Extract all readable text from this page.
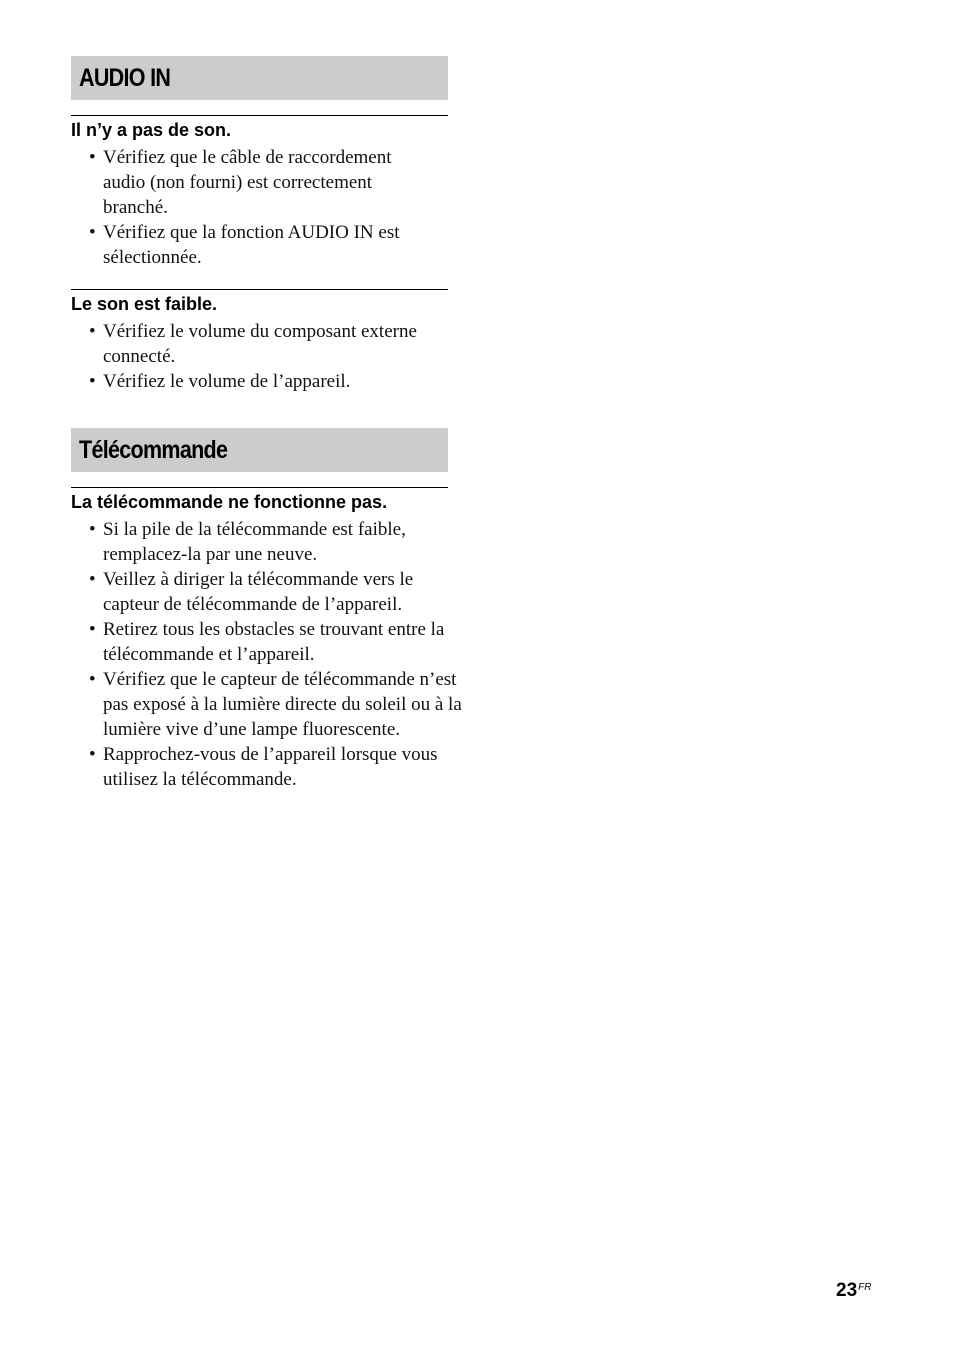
AUDIO IN
Il n’y a pas de son.
• Vérifiez que le câble de raccordement audio (non fourni) est correctement branché.
• Vérifiez que la fonction AUDIO IN est sélectionnée.
Le son est faible.
• Vérifiez le volume du composant externe connecté.
• Vérifiez le volume de l’appareil.
Télécommande
La télécommande ne fonctionne pas.
• Si la pile de la télécommande est faible, remplacez-la par une neuve.
• Veillez à diriger la télécommande vers le capteur de télécommande de l’appareil.
• Retirez tous les obstacles se trouvant entre la télécommande et l’appareil.
• Vérifiez que le capteur de télécommande n’est pas exposé à la lumière directe du soleil ou à la lumière vive d’une lampe fluorescente.
• Rapprochez-vous de l’appareil lorsque vous utilisez la télécommande.
$23^{FR}$
